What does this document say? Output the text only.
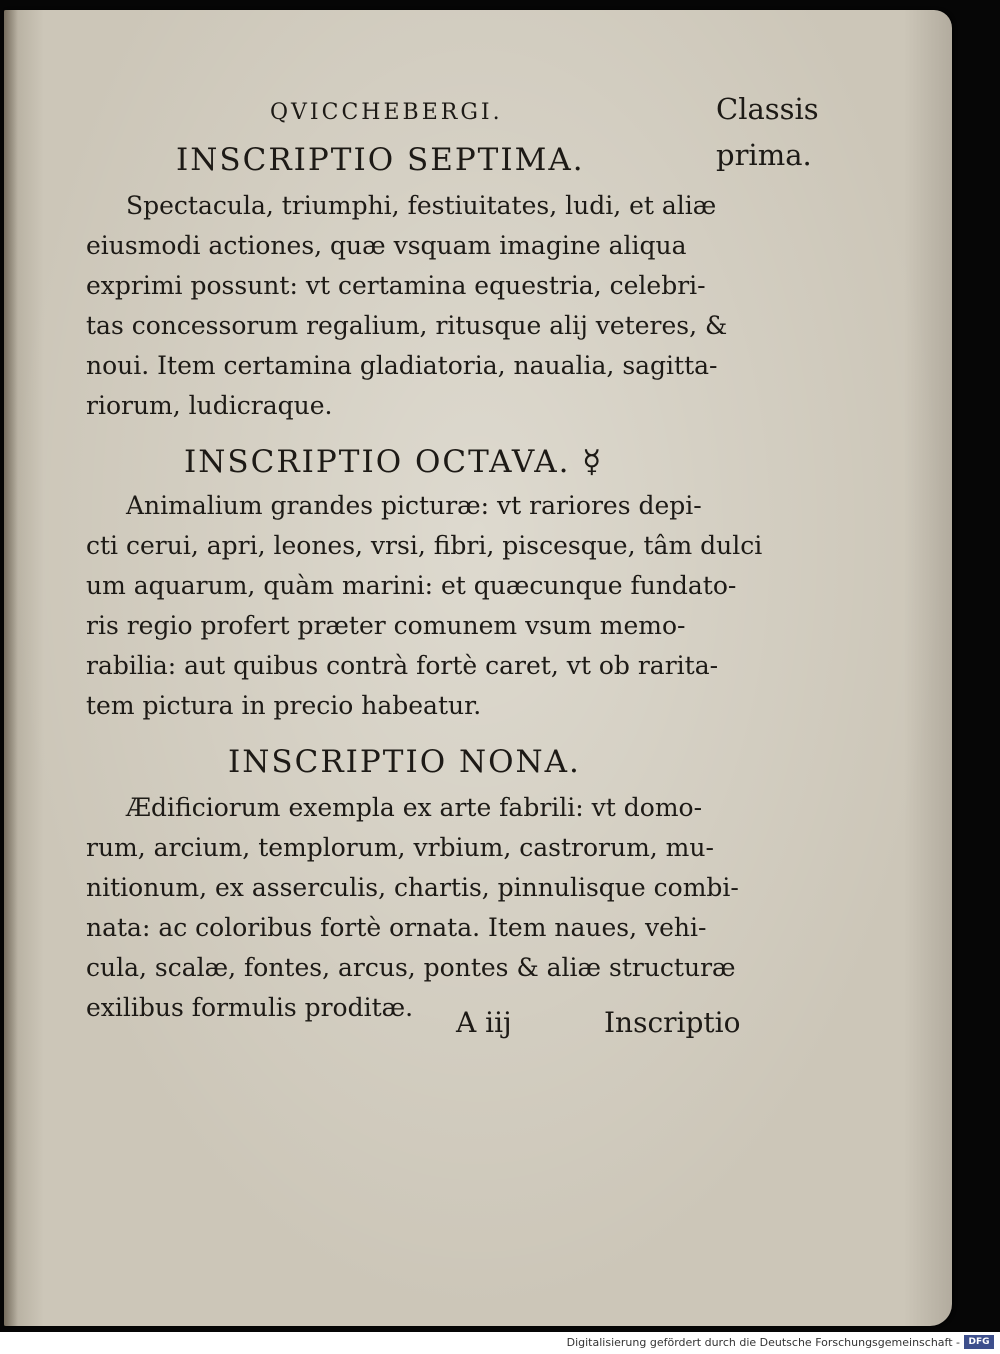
QVICCHEBERGI.	Classis prima.
INSCRIPTIO SEPTIMA.
Spectacula, triumphi, festiuitates, ludi, et aliæ
eiusmodi actiones, quæ vsquam imagine aliqua
exprimi possunt: vt certamina equestria, celebri-
tas concessorum regalium, ritusque alij veteres, &
noui. Item certamina gladiatoria, naualia, sagitta-
riorum, ludicraque.
INSCRIPTIO OCTAVA. ☿
Animalium grandes picturæ: vt rariores depi-
cti cerui, apri, leones, vrsi, fibri, piscesque, tâm dulci
um aquarum, quàm marini: et quæcunque fundato-
ris regio profert præter comunem vsum memo-
rabilia: aut quibus contrà fortè caret, vt ob rarita-
tem pictura in precio habeatur.
INSCRIPTIO NONA.
Ædificiorum exempla ex arte fabrili: vt domo-
rum, arcium, templorum, vrbium, castrorum, mu-
nitionum, ex asserculis, chartis, pinnulisque combi-
nata: ac coloribus fortè ornata. Item naues, vehi-
cula, scalæ, fontes, arcus, pontes & aliæ structuræ
exilibus formulis proditæ.	A iij	Inscriptio
Digitalisierung gefördert durch die Deutsche Forschungsgemeinschaft - DFG
